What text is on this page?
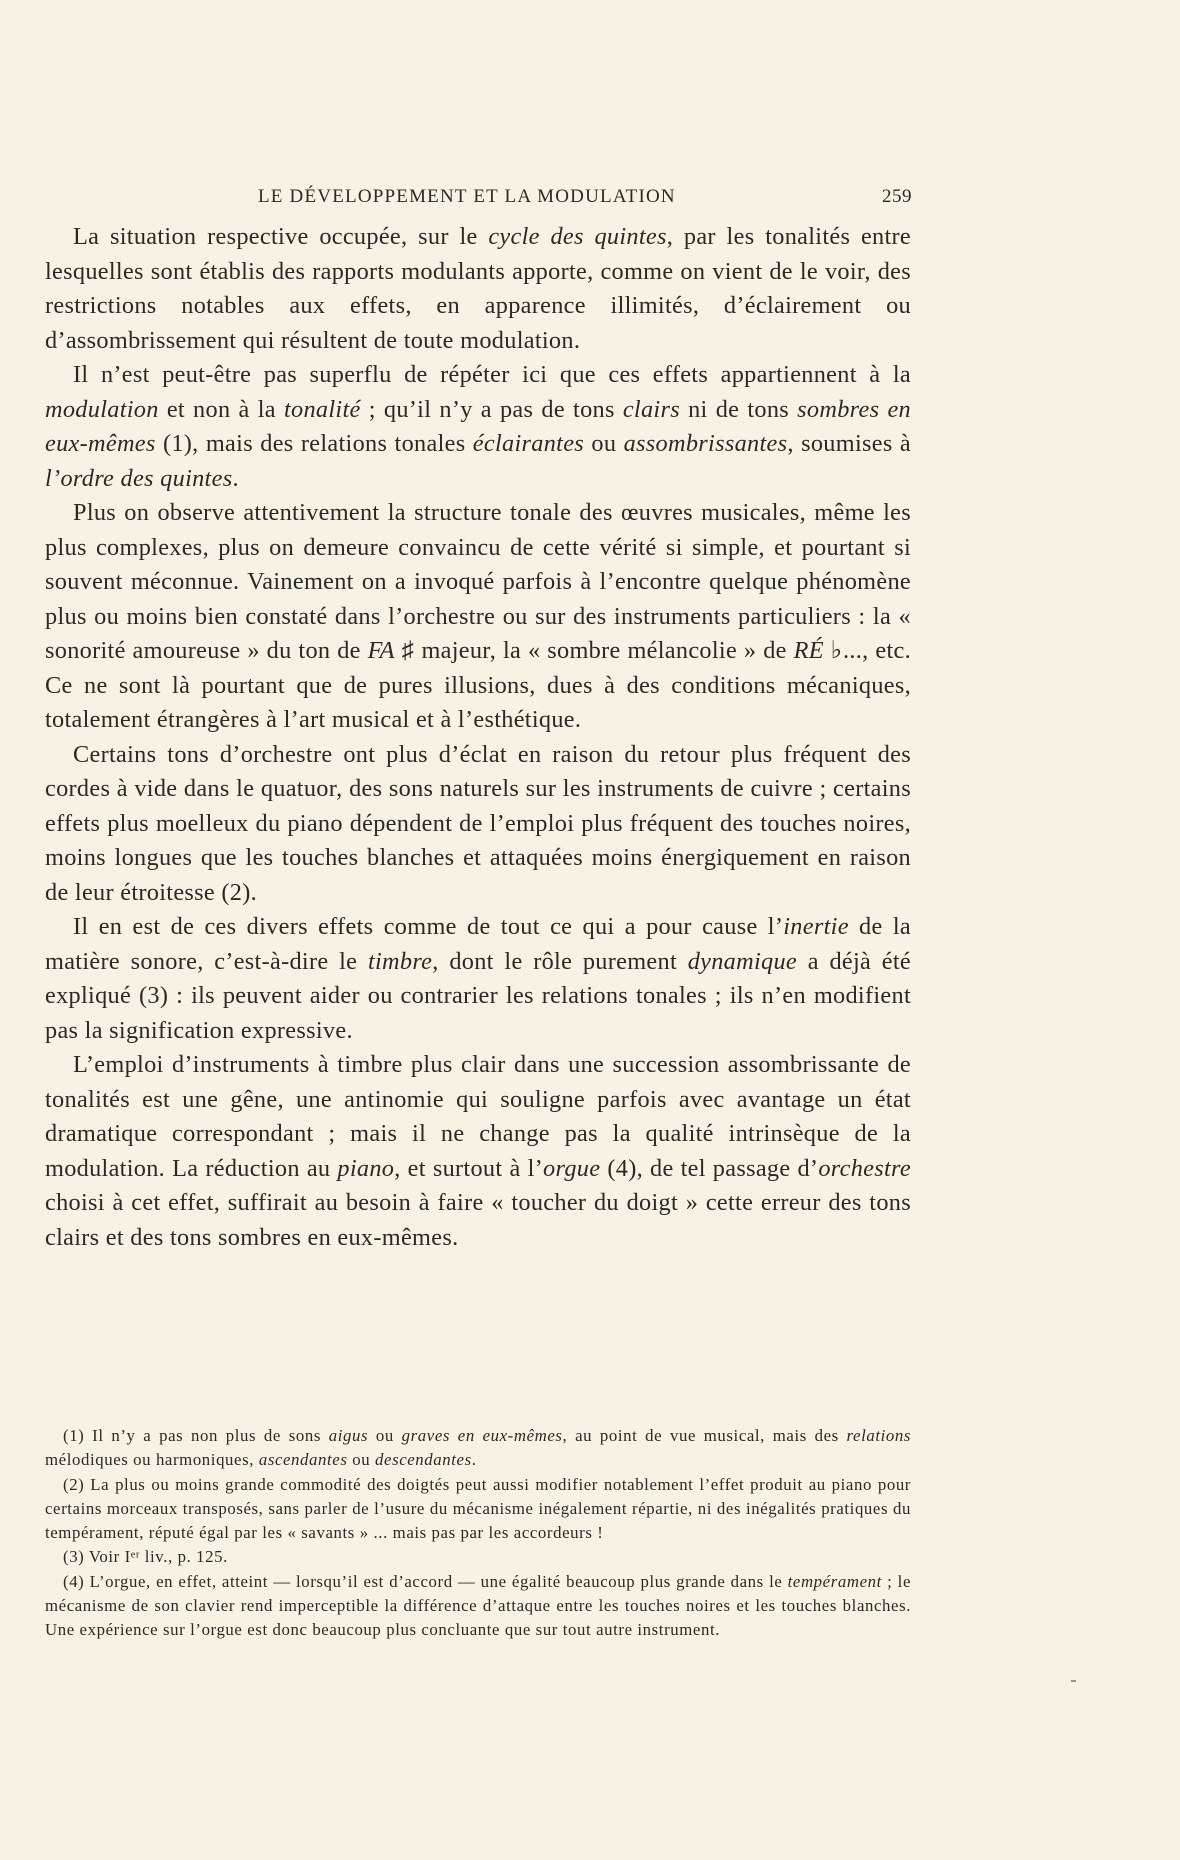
LE DÉVELOPPEMENT ET LA MODULATION	259

La situation respective occupée, sur le cycle des quintes, par les tonalités entre lesquelles sont établis des rapports modulants apporte, comme on vient de le voir, des restrictions notables aux effets, en apparence illimités, d’éclairement ou d’assombrissement qui résultent de toute modulation.

Il n’est peut-être pas superflu de répéter ici que ces effets appartiennent à la modulation et non à la tonalité ; qu’il n’y a pas de tons clairs ni de tons sombres en eux-mêmes (1), mais des relations tonales éclairantes ou assombrissantes, soumises à l’ordre des quintes.

Plus on observe attentivement la structure tonale des œuvres musicales, même les plus complexes, plus on demeure convaincu de cette vérité si simple, et pourtant si souvent méconnue. Vainement on a invoqué parfois à l’encontre quelque phénomène plus ou moins bien constaté dans l’orchestre ou sur des instruments particuliers : la « sonorité amoureuse » du ton de FA ♯ majeur, la « sombre mélancolie » de RÉ ♭..., etc. Ce ne sont là pourtant que de pures illusions, dues à des conditions mécaniques, totalement étrangères à l’art musical et à l’esthétique.

Certains tons d’orchestre ont plus d’éclat en raison du retour plus fréquent des cordes à vide dans le quatuor, des sons naturels sur les instruments de cuivre ; certains effets plus moelleux du piano dépendent de l’emploi plus fréquent des touches noires, moins longues que les touches blanches et attaquées moins énergiquement en raison de leur étroitesse (2).

Il en est de ces divers effets comme de tout ce qui a pour cause l’inertie de la matière sonore, c’est-à-dire le timbre, dont le rôle purement dynamique a déjà été expliqué (3) : ils peuvent aider ou contrarier les relations tonales ; ils n’en modifient pas la signification expressive.

L’emploi d’instruments à timbre plus clair dans une succession assombrissante de tonalités est une gêne, une antinomie qui souligne parfois avec avantage un état dramatique correspondant ; mais il ne change pas la qualité intrinsèque de la modulation. La réduction au piano, et surtout à l’orgue (4), de tel passage d’orchestre choisi à cet effet, suffirait au besoin à faire « toucher du doigt » cette erreur des tons clairs et des tons sombres en eux-mêmes.

(1) Il n’y a pas non plus de sons aigus ou graves en eux-mêmes, au point de vue musical, mais des relations mélodiques ou harmoniques, ascendantes ou descendantes.

(2) La plus ou moins grande commodité des doigtés peut aussi modifier notablement l’effet produit au piano pour certains morceaux transposés, sans parler de l’usure du mécanisme inégalement répartie, ni des inégalités pratiques du tempérament, réputé égal par les « savants » ... mais pas par les accordeurs !

(3) Voir Iᵉʳ liv., p. 125.

(4) L’orgue, en effet, atteint — lorsqu’il est d’accord — une égalité beaucoup plus grande dans le tempérament ; le mécanisme de son clavier rend imperceptible la différence d’attaque entre les touches noires et les touches blanches. Une expérience sur l’orgue est donc beaucoup plus concluante que sur tout autre instrument.
